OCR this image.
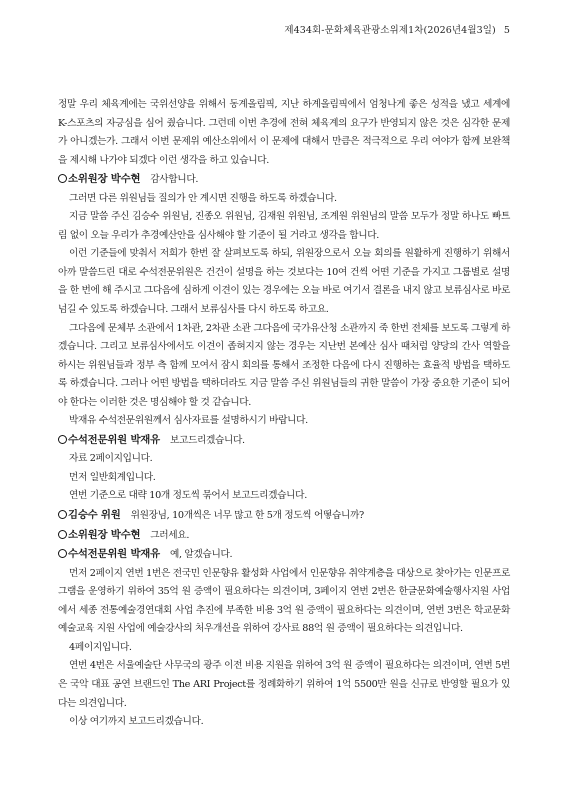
제434회-문화체육관광소위제1차(2026년4월3일) 5

정말 우리 체육계에는 국위선양을 위해서 동계올림픽, 지난 하계올림픽에서 엄청나게 좋은 성적을 냈고 세계에 K-스포츠의 자긍심을 심어 줬습니다. 그런데 이번 추경에 전혀 체육계의 요구가 반영되지 않은 것은 심각한 문제가 아니겠는가. 그래서 이번 문제위 예산소위에서 이 문제에 대해서 만큼은 적극적으로 우리 여야가 함께 보완책을 제시해 나가야 되겠다 이런 생각을 하고 있습니다.

소위원장 박수현 감사합니다.

그러면 다른 위원님들 질의가 안 계시면 진행을 하도록 하겠습니다.

지금 말씀 주신 김승수 위원님, 진종오 위원님, 김재원 위원님, 조계원 위원님의 말씀 모두가 정말 하나도 빠트림 없이 오늘 우리가 추경예산안을 심사해야 할 기준이 될 거라고 생각을 합니다.

이런 기준들에 맞춰서 저희가 한번 잘 살펴보도록 하되, 위원장으로서 오늘 회의를 원활하게 진행하기 위해서 아까 말씀드린 대로 수석전문위원은 건건이 설명을 하는 것보다는 10여 건씩 어떤 기준을 가지고 그룹별로 설명을 한 번에 해 주시고 그다음에 심하게 이견이 있는 경우에는 오늘 바로 여기서 결론을 내지 않고 보류심사로 바로 넘길 수 있도록 하겠습니다. 그래서 보류심사를 다시 하도록 하고요.

그다음에 문체부 소관에서 1차관, 2차관 소관 그다음에 국가유산청 소관까지 죽 한번 전체를 보도록 그렇게 하겠습니다. 그리고 보류심사에서도 이견이 좁혀지지 않는 경우는 지난번 본예산 심사 때처럼 양당의 간사 역할을 하시는 위원님들과 정부 측 함께 모여서 잠시 회의를 통해서 조정한 다음에 다시 진행하는 효율적 방법을 택하도록 하겠습니다. 그러나 어떤 방법을 택하더라도 지금 말씀 주신 위원님들의 귀한 말씀이 가장 중요한 기준이 되어야 한다는 이러한 것은 명심해야 할 것 같습니다.

박재유 수석전문위원께서 심사자료를 설명하시기 바랍니다.

수석전문위원 박재유 보고드리겠습니다.

자료 2페이지입니다.

먼저 일반회계입니다.

연번 기준으로 대략 10개 정도씩 묶어서 보고드리겠습니다.

김승수 위원 위원장님, 10개씩은 너무 많고 한 5개 정도씩 어떻습니까?

소위원장 박수현 그러세요.

수석전문위원 박재유 예, 알겠습니다.

먼저 2페이지 연번 1번은 전국민 인문향유 활성화 사업에서 인문향유 취약계층을 대상으로 찾아가는 인문프로그램을 운영하기 위하여 35억 원 증액이 필요하다는 의견이며, 3페이지 연번 2번은 한글문화예술행사지원 사업에서 세종 전통예술경연대회 사업 추진에 부족한 비용 3억 원 증액이 필요하다는 의견이며, 연번 3번은 학교문화예술교육 지원 사업에 예술강사의 처우개선을 위하여 강사료 88억 원 증액이 필요하다는 의견입니다.

4페이지입니다.

연번 4번은 서울예술단 사무국의 광주 이전 비용 지원을 위하여 3억 원 증액이 필요하다는 의견이며, 연번 5번은 국악 대표 공연 브랜드인 The ARI Project를 정례화하기 위하여 1억 5500만 원을 신규로 반영할 필요가 있다는 의견입니다.

이상 여기까지 보고드리겠습니다.
